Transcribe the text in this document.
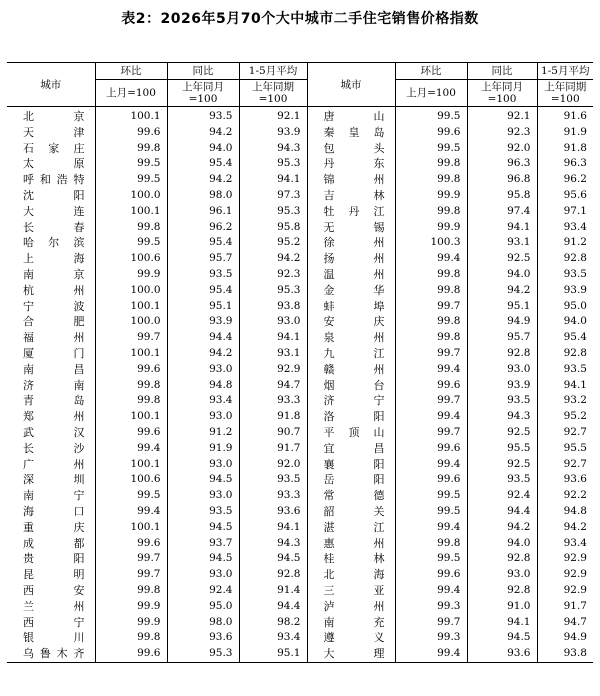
表2：2026年5月70个大中城市二手住宅销售价格指数
城市	环比	同比	1-5月平均	城市	环比	同比	1-5月平均
	上月=100	上年同月=100	上年同期=100		上月=100	上年同月=100	上年同期=100
北京	100.1	93.5	92.1	唐山	99.5	92.1	91.6
天津	99.6	94.2	93.9	秦皇岛	99.6	92.3	91.9
石家庄	99.8	94.0	94.3	包头	99.5	92.0	91.8
太原	99.5	95.4	95.3	丹东	99.8	96.3	96.3
呼和浩特	99.5	94.2	94.1	锦州	99.8	96.8	96.2
沈阳	100.0	98.0	97.3	吉林	99.9	95.8	95.6
大连	100.1	96.1	95.3	牡丹江	99.8	97.4	97.1
长春	99.8	96.2	95.8	无锡	99.9	94.1	93.4
哈尔滨	99.5	95.4	95.2	徐州	100.3	93.1	91.2
上海	100.6	95.7	94.2	扬州	99.4	92.5	92.8
南京	99.9	93.5	92.3	温州	99.8	94.0	93.5
杭州	100.0	95.4	95.3	金华	99.8	94.2	93.9
宁波	100.1	95.1	93.8	蚌埠	99.7	95.1	95.0
合肥	100.0	93.9	93.0	安庆	99.8	94.9	94.0
福州	99.7	94.4	94.1	泉州	99.8	95.7	95.4
厦门	100.1	94.2	93.1	九江	99.7	92.8	92.8
南昌	99.6	93.0	92.9	赣州	99.4	93.0	93.5
济南	99.8	94.8	94.7	烟台	99.6	93.9	94.1
青岛	99.8	93.4	93.3	济宁	99.7	93.5	93.2
郑州	100.1	93.0	91.8	洛阳	99.4	94.3	95.2
武汉	99.6	91.2	90.7	平顶山	99.7	92.5	92.7
长沙	99.4	91.9	91.7	宜昌	99.6	95.5	95.5
广州	100.1	93.0	92.0	襄阳	99.4	92.5	92.7
深圳	100.6	94.5	93.5	岳阳	99.6	93.5	93.6
南宁	99.5	93.0	93.3	常德	99.5	92.4	92.2
海口	99.4	93.5	93.6	韶关	99.5	94.4	94.8
重庆	100.1	94.5	94.1	湛江	99.4	94.2	94.2
成都	99.6	93.7	94.3	惠州	99.8	94.0	93.4
贵阳	99.7	94.5	94.5	桂林	99.5	92.8	92.9
昆明	99.7	93.0	92.8	北海	99.6	93.0	92.9
西安	99.8	92.4	91.4	三亚	99.4	92.8	92.9
兰州	99.9	95.0	94.4	泸州	99.3	91.0	91.7
西宁	99.9	98.0	98.2	南充	99.7	94.1	94.7
银川	99.8	93.6	93.4	遵义	99.3	94.5	94.9
乌鲁木齐	99.6	95.3	95.1	大理	99.4	93.6	93.8
